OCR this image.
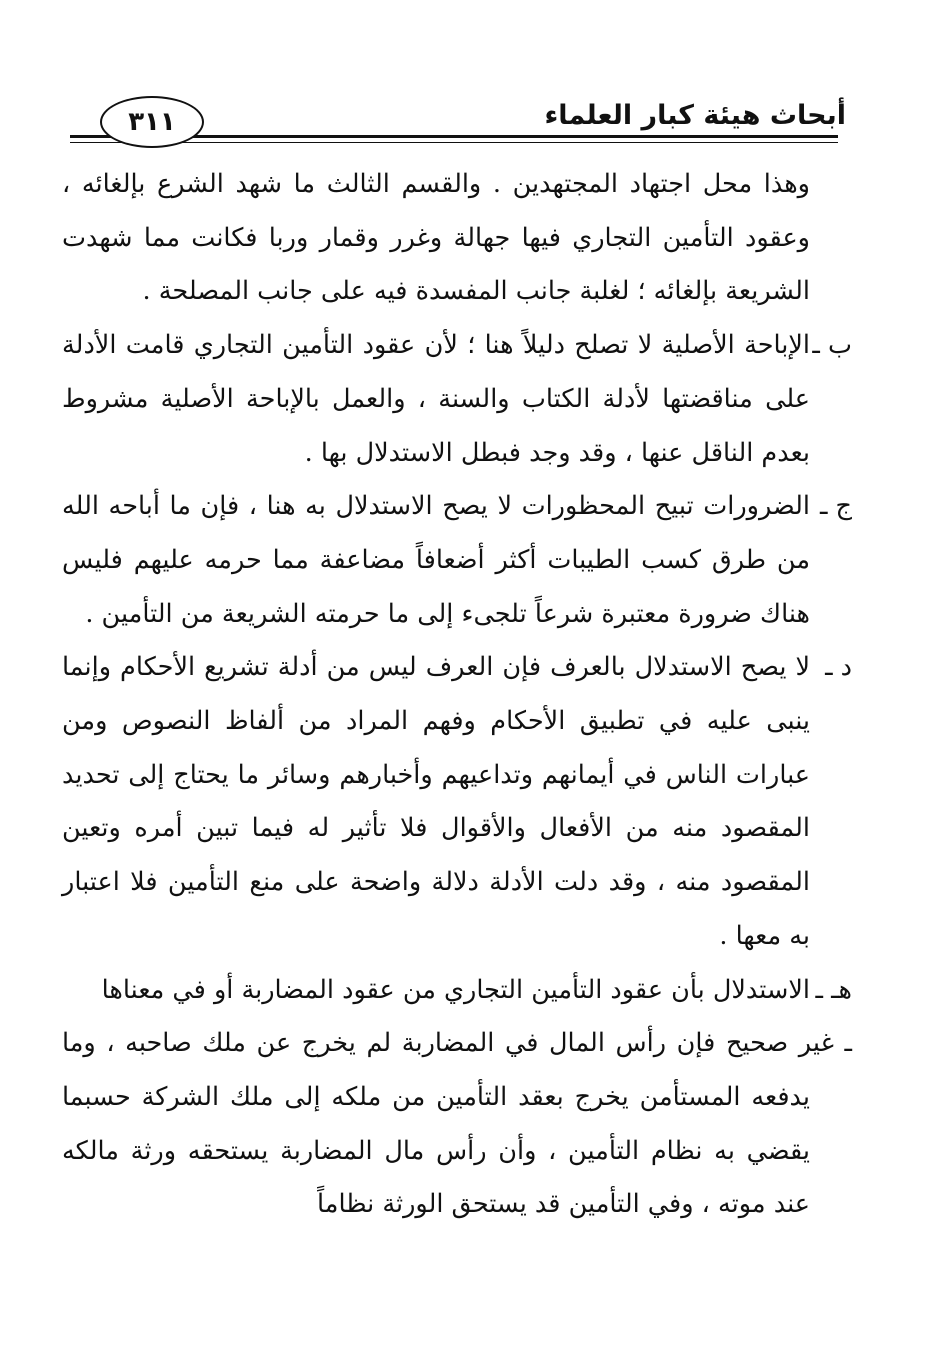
أبحاث هيئة كبار العلماء
٣١١

وهذا محل اجتهاد المجتهدين . والقسم الثالث ما شهد الشرع بإلغائه ، وعقود التأمين التجاري فيها جهالة وغرر وقمار وربا فكانت مما شهدت الشريعة بإلغائه ؛ لغلبة جانب المفسدة فيه على جانب المصلحة .

ب ـالإباحة الأصلية لا تصلح دليلاً هنا ؛ لأن عقود التأمين التجاري قامت الأدلة على مناقضتها لأدلة الكتاب والسنة ، والعمل بالإباحة الأصلية مشروط بعدم الناقل عنها ، وقد وجد فبطل الاستدلال بها .

ج ـالضرورات تبيح المحظورات لا يصح الاستدلال به هنا ، فإن ما أباحه الله من طرق كسب الطيبات أكثر أضعافاً مضاعفة مما حرمه عليهم فليس هناك ضرورة معتبرة شرعاً تلجىء إلى ما حرمته الشريعة من التأمين .

د ـلا يصح الاستدلال بالعرف فإن العرف ليس من أدلة تشريع الأحكام وإنما ينبى عليه في تطبيق الأحكام وفهم المراد من ألفاظ النصوص ومن عبارات الناس في أيمانهم وتداعيهم وأخبارهم وسائر ما يحتاج إلى تحديد المقصود منه من الأفعال والأقوال فلا تأثير له فيما تبين أمره وتعين المقصود منه ، وقد دلت الأدلة دلالة واضحة على منع التأمين فلا اعتبار به معها .

هـ ـالاستدلال بأن عقود التأمين التجاري من عقود المضاربة أو في معناها
ـ غير صحيح فإن رأس المال في المضاربة لم يخرج عن ملك صاحبه ، وما يدفعه المستأمن يخرج بعقد التأمين من ملكه إلى ملك الشركة حسبما يقضي به نظام التأمين ، وأن رأس مال المضاربة يستحقه ورثة مالكه عند موته ، وفي التأمين قد يستحق الورثة نظاماً
